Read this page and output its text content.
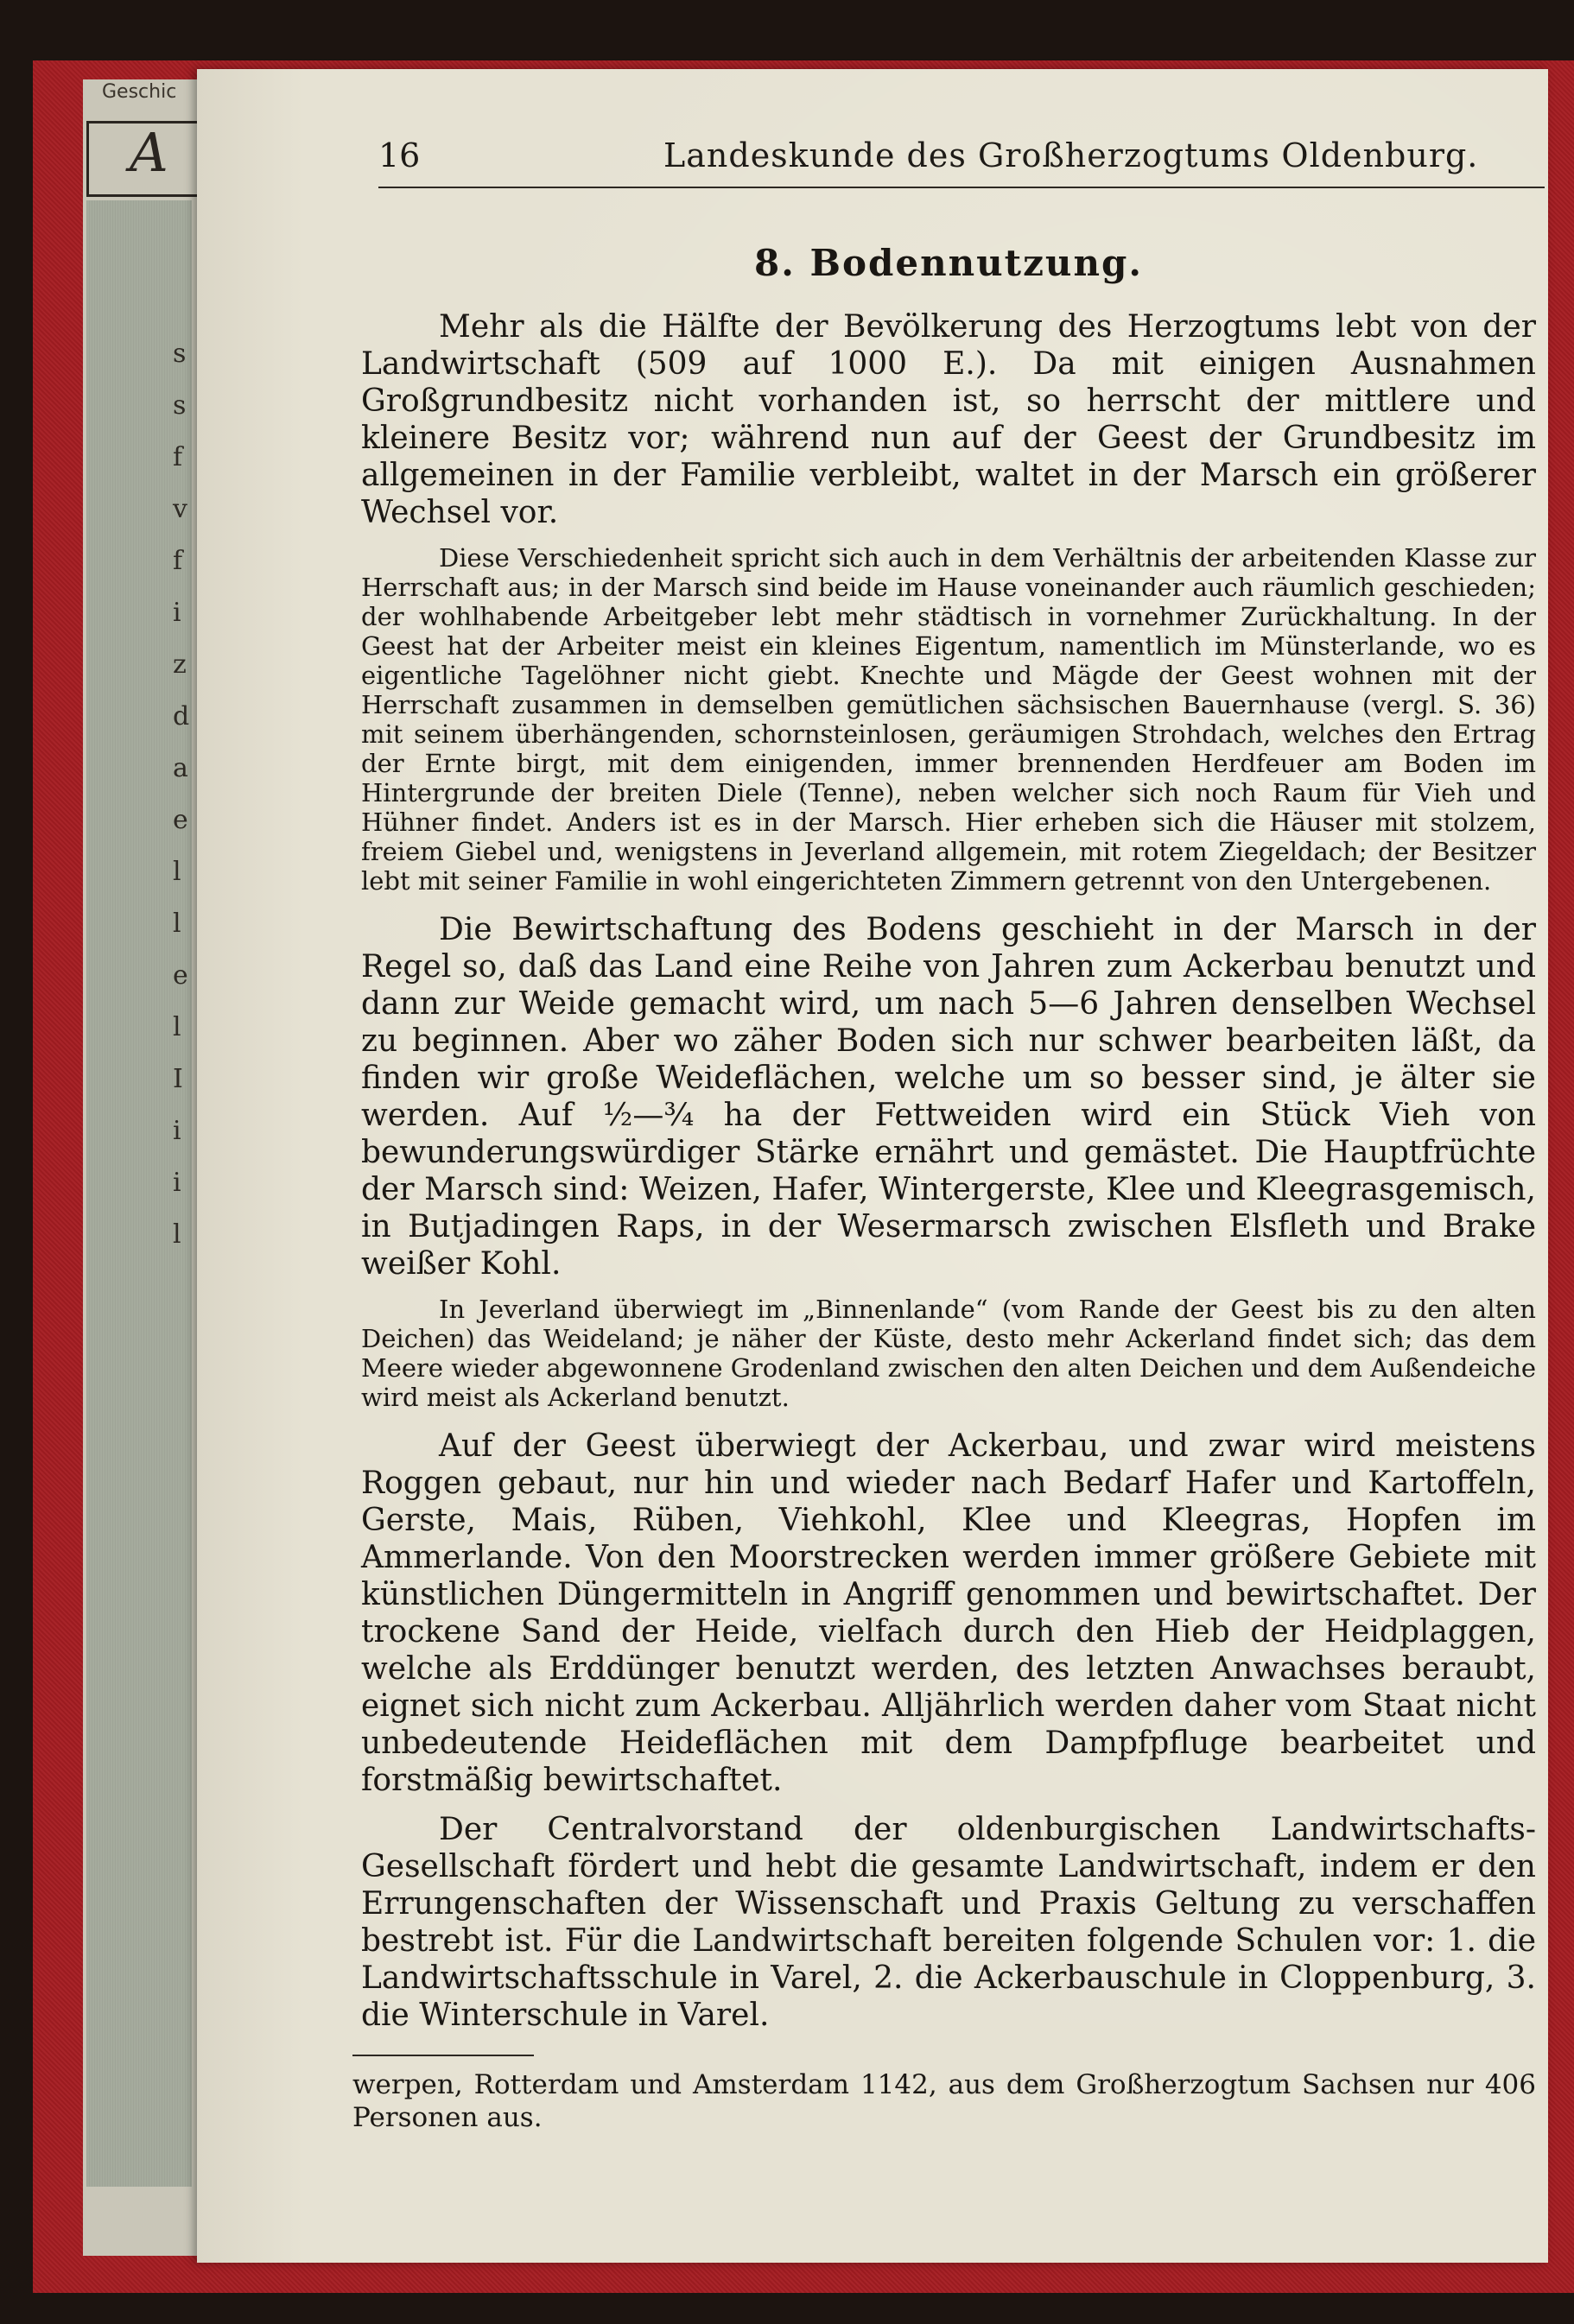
Geschic
A
s
s
f
v
f
i
z
d
a
e
l
l
e
l
I
i
i
l
16	Landeskunde des Großherzogtums Oldenburg.
8. Bodennutzung.

Mehr als die Hälfte der Bevölkerung des Herzogtums lebt von der Landwirtschaft (509 auf 1000 E.). Da mit einigen Ausnahmen Großgrundbesitz nicht vorhanden ist, so herrscht der mittlere und kleinere Besitz vor; während nun auf der Geest der Grundbesitz im allgemeinen in der Familie verbleibt, waltet in der Marsch ein größerer Wechsel vor.

Diese Verschiedenheit spricht sich auch in dem Verhältnis der arbeitenden Klasse zur Herrschaft aus; in der Marsch sind beide im Hause voneinander auch räumlich geschieden; der wohlhabende Arbeitgeber lebt mehr städtisch in vornehmer Zurückhaltung. In der Geest hat der Arbeiter meist ein kleines Eigentum, namentlich im Münsterlande, wo es eigentliche Tagelöhner nicht giebt. Knechte und Mägde der Geest wohnen mit der Herrschaft zusammen in demselben gemütlichen sächsischen Bauernhause (vergl. S. 36) mit seinem überhängenden, schornsteinlosen, geräumigen Strohdach, welches den Ertrag der Ernte birgt, mit dem einigenden, immer brennenden Herdfeuer am Boden im Hintergrunde der breiten Diele (Tenne), neben welcher sich noch Raum für Vieh und Hühner findet. Anders ist es in der Marsch. Hier erheben sich die Häuser mit stolzem, freiem Giebel und, wenigstens in Jeverland allgemein, mit rotem Ziegeldach; der Besitzer lebt mit seiner Familie in wohl eingerichteten Zimmern getrennt von den Untergebenen.

Die Bewirtschaftung des Bodens geschieht in der Marsch in der Regel so, daß das Land eine Reihe von Jahren zum Ackerbau benutzt und dann zur Weide gemacht wird, um nach 5—6 Jahren denselben Wechsel zu beginnen. Aber wo zäher Boden sich nur schwer bearbeiten läßt, da finden wir große Weideflächen, welche um so besser sind, je älter sie werden. Auf ½—¾ ha der Fettweiden wird ein Stück Vieh von bewunderungswürdiger Stärke ernährt und gemästet. Die Hauptfrüchte der Marsch sind: Weizen, Hafer, Wintergerste, Klee und Kleegrasgemisch, in Butjadingen Raps, in der Wesermarsch zwischen Elsfleth und Brake weißer Kohl.

In Jeverland überwiegt im „Binnenlande“ (vom Rande der Geest bis zu den alten Deichen) das Weideland; je näher der Küste, desto mehr Ackerland findet sich; das dem Meere wieder abgewonnene Grodenland zwischen den alten Deichen und dem Außendeiche wird meist als Ackerland benutzt.

Auf der Geest überwiegt der Ackerbau, und zwar wird meistens Roggen gebaut, nur hin und wieder nach Bedarf Hafer und Kartoffeln, Gerste, Mais, Rüben, Viehkohl, Klee und Kleegras, Hopfen im Ammerlande. Von den Moorstrecken werden immer größere Gebiete mit künstlichen Düngermitteln in Angriff genommen und bewirtschaftet. Der trockene Sand der Heide, vielfach durch den Hieb der Heidplaggen, welche als Erddünger benutzt werden, des letzten Anwachses beraubt, eignet sich nicht zum Ackerbau. Alljährlich werden daher vom Staat nicht unbedeutende Heideflächen mit dem Dampfpfluge bearbeitet und forstmäßig bewirtschaftet.

Der Centralvorstand der oldenburgischen Landwirtschafts-Gesellschaft fördert und hebt die gesamte Landwirtschaft, indem er den Errungenschaften der Wissenschaft und Praxis Geltung zu verschaffen bestrebt ist. Für die Landwirtschaft bereiten folgende Schulen vor: 1. die Landwirtschaftsschule in Varel, 2. die Ackerbauschule in Cloppenburg, 3. die Winterschule in Varel.

werpen, Rotterdam und Amsterdam 1142, aus dem Großherzogtum Sachsen nur 406 Personen aus.
